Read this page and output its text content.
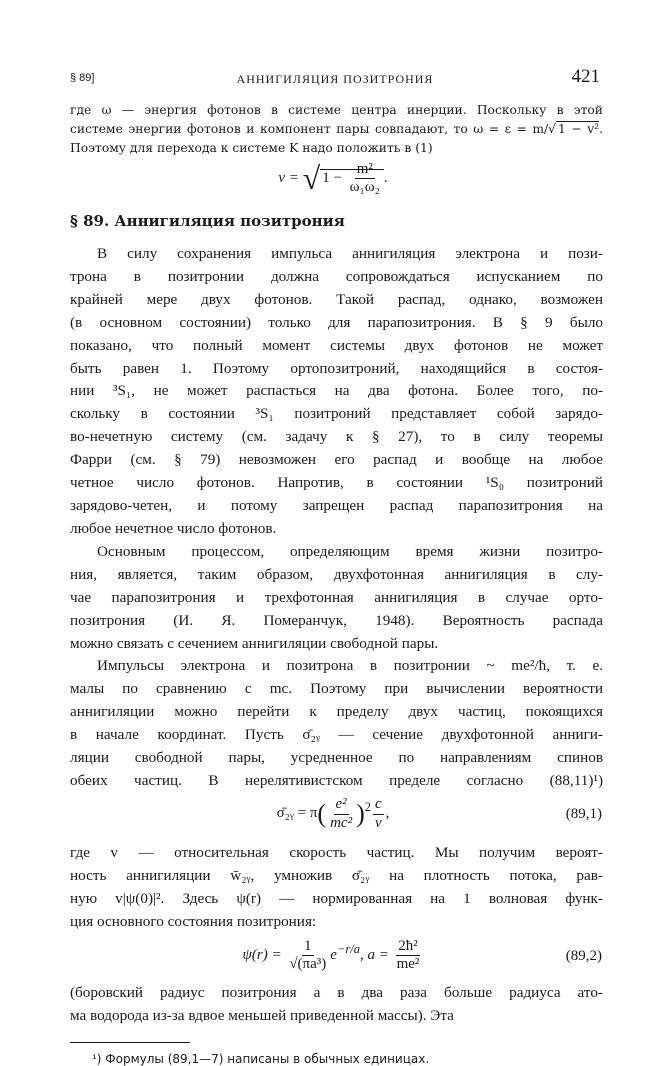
§ 89]	АННИГИЛЯЦИЯ ПОЗИТРОНИЯ	421
где ω — энергия фотонов в системе центра инерции. Поскольку в этой
системе энергии фотонов и компонент пары совпадают, то ω = ε = m/√ 1 − v².
Поэтому для перехода к системе K надо положить в (1)
v = √ $1 - \frac{\text{m²}}{\text{ω₁ω₂}}$ .
§ 89. Аннигиляция позитрония
В силу сохранения импульса аннигиляция электрона и пози-
трона в позитронии должна сопровождаться испусканием по
крайней мере двух фотонов. Такой распад, однако, возможен
(в основном состоянии) только для парапозитрония. В § 9 было
показано, что полный момент системы двух фотонов не может
быть равен 1. Поэтому ортопозитроний, находящийся в состоя-
нии ³S₁, не может распасться на два фотона. Более того, по-
скольку в состоянии ³S₁ позитроний представляет собой зарядо-
во-нечетную систему (см. задачу к § 27), то в силу теоремы
Фарри (см. § 79) невозможен его распад и вообще на любое
четное число фотонов. Напротив, в состоянии ¹S₀ позитроний
зарядово-четен, и потому запрещен распад парапозитрония на
любое нечетное число фотонов.
Основным процессом, определяющим время жизни позитро-
ния, является, таким образом, двухфотонная аннигиляция в слу-
чае парапозитрония и трехфотонная аннигиляция в случае орто-
позитрония (И. Я. Померанчук, 1948). Вероятность распада
можно связать с сечением аннигиляции свободной пары.
Импульсы электрона и позитрона в позитронии ~ me²/ħ, т. е.
малы по сравнению с mc. Поэтому при вычислении вероятности
аннигиляции можно перейти к пределу двух частиц, покоящихся
в начале координат. Пусть σ̄₂ᵧ — сечение двухфотонной анниги-
ляции свободной пары, усредненное по направлениям спинов
обеих частиц. В нерелятивистском пределе согласно (88,11)¹)
σ̄₂ᵧ = $\pi( \frac{\text{e²}}{\text{mc²}} )^2 \frac{c}{v}$ ,	(89,1)
где v — относительная скорость частиц. Мы получим вероят-
ность аннигиляции w̄₂ᵧ, умножив σ̄₂ᵧ на плотность потока, рав-
ную v|ψ(0)|². Здесь ψ(r) — нормированная на 1 волновая функ-
ция основного состояния позитрония:
$\psi(r) = \frac{1}{\text{√(πa³)}} e^{-r/a}$, $a = \frac{\text{2ħ²}}{\text{me²}}$	(89,2)
(боровский радиус позитрония a в два раза больше радиуса ато-
ма водорода из-за вдвое меньшей приведенной массы). Эта
¹) Формулы (89,1—7) написаны в обычных единицах.
